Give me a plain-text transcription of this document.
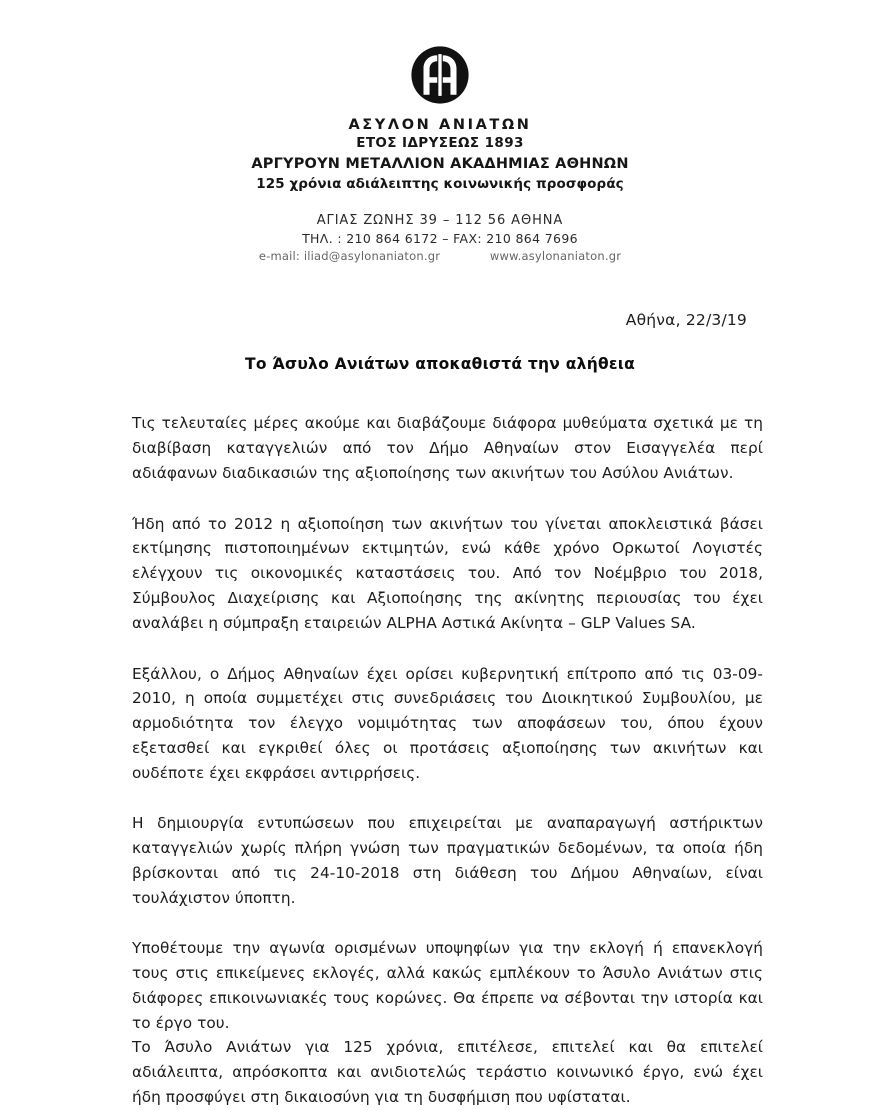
ΑΣΥΛΟΝ ΑΝΙΑΤΩΝ
ΕΤΟΣ ΙΔΡΥΣΕΩΣ 1893
ΑΡΓΥΡΟΥΝ ΜΕΤΑΛΛΙΟΝ ΑΚΑΔΗΜΙΑΣ ΑΘΗΝΩΝ
125 χρόνια αδιάλειπτης κοινωνικής προσφοράς
ΑΓΙΑΣ ΖΩΝΗΣ 39 – 112 56 ΑΘΗΝΑ
ΤΗΛ. : 210 864 6172 – FAX: 210 864 7696
e-mail: iliad@asylonaniaton.gr	www.asylonaniaton.gr
Αθήνα, 22/3/19
Το Άσυλο Ανιάτων αποκαθιστά την αλήθεια

Τις τελευταίες μέρες ακούμε και διαβάζουμε διάφορα μυθεύματα σχετικά με τη διαβίβαση καταγγελιών από τον Δήμο Αθηναίων στον Εισαγγελέα περί αδιάφανων διαδικασιών της αξιοποίησης των ακινήτων του Ασύλου Ανιάτων.

Ήδη από το 2012 η αξιοποίηση των ακινήτων του γίνεται αποκλειστικά βάσει εκτίμησης πιστοποιημένων εκτιμητών, ενώ κάθε χρόνο Ορκωτοί Λογιστές ελέγχουν τις οικονομικές καταστάσεις του. Από τον Νοέμβριο του 2018, Σύμβουλος Διαχείρισης και Αξιοποίησης της ακίνητης περιουσίας του έχει αναλάβει η σύμπραξη εταιρειών ALPHA Αστικά Ακίνητα – GLP Values SA.

Εξάλλου, ο Δήμος Αθηναίων έχει ορίσει κυβερνητική επίτροπο από τις 03-09-2010, η οποία συμμετέχει στις συνεδριάσεις του Διοικητικού Συμβουλίου, με αρμοδιότητα τον έλεγχο νομιμότητας των αποφάσεων του, όπου έχουν εξετασθεί και εγκριθεί όλες οι προτάσεις αξιοποίησης των ακινήτων και ουδέποτε έχει εκφράσει αντιρρήσεις.

Η δημιουργία εντυπώσεων που επιχειρείται με αναπαραγωγή αστήρικτων καταγγελιών χωρίς πλήρη γνώση των πραγματικών δεδομένων, τα οποία ήδη βρίσκονται από τις 24-10-2018 στη διάθεση του Δήμου Αθηναίων, είναι τουλάχιστον ύποπτη.

Υποθέτουμε την αγωνία ορισμένων υποψηφίων για την εκλογή ή επανεκλογή τους στις επικείμενες εκλογές, αλλά κακώς εμπλέκουν το Άσυλο Ανιάτων στις διάφορες επικοινωνιακές τους κορώνες. Θα έπρεπε να σέβονται την ιστορία και το έργο του.

Το Άσυλο Ανιάτων για 125 χρόνια, επιτέλεσε, επιτελεί και θα επιτελεί αδιάλειπτα, απρόσκοπτα και ανιδιοτελώς τεράστιο κοινωνικό έργο, ενώ έχει ήδη προσφύγει στη δικαιοσύνη για τη δυσφήμιση που υφίσταται.
